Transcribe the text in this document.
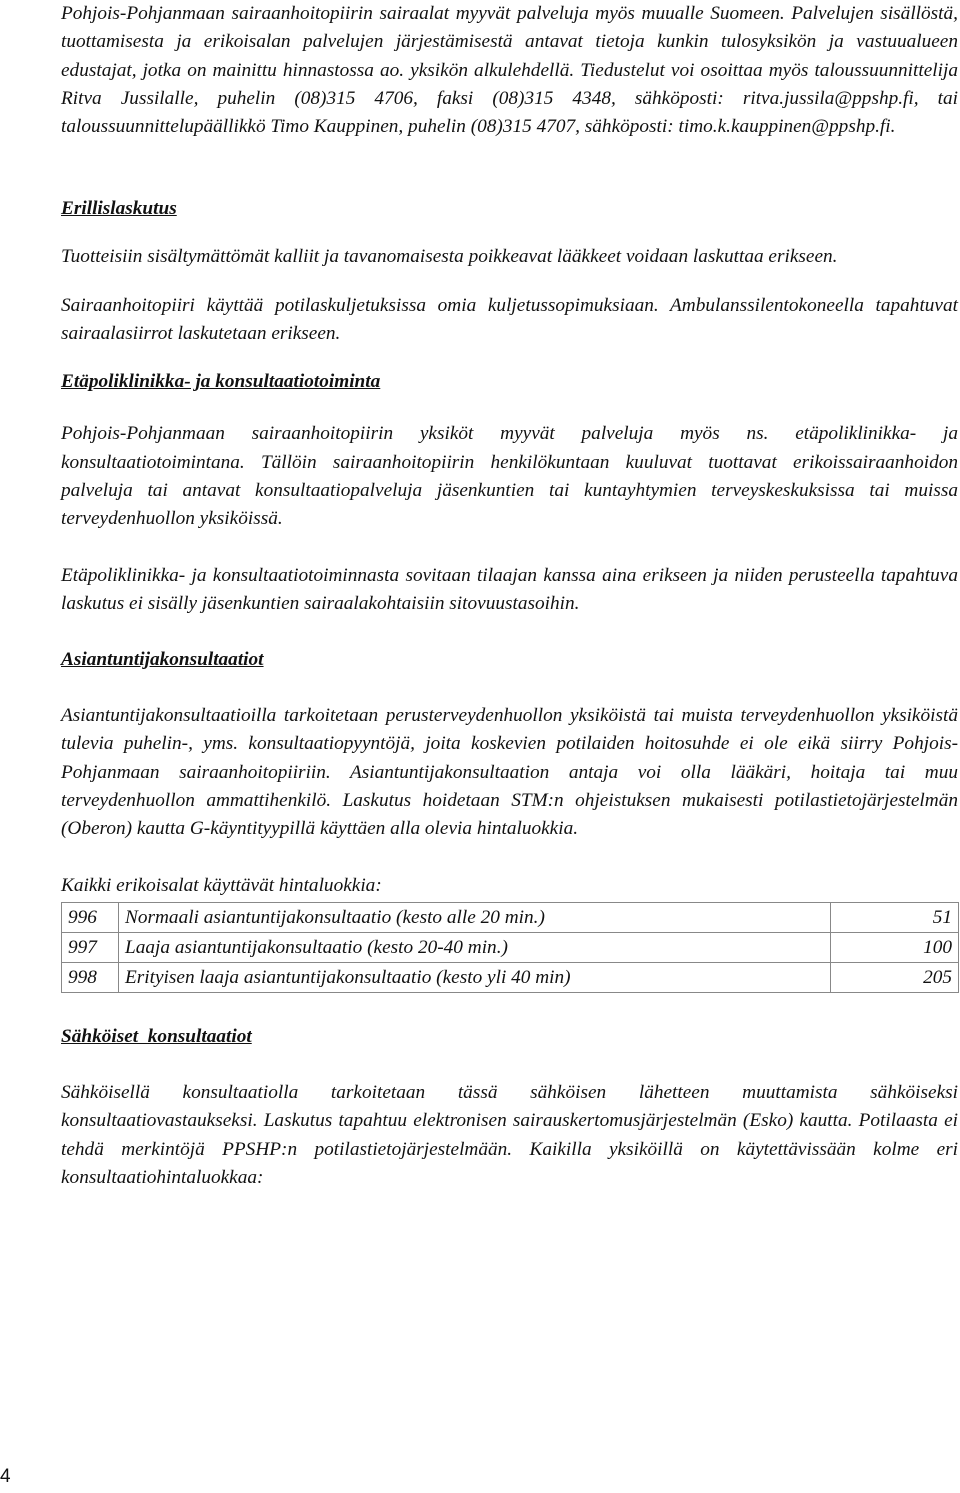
Pohjois-Pohjanmaan sairaanhoitopiirin sairaalat myyvät palveluja myös muualle Suomeen. Palvelujen sisällöstä, tuottamisesta ja erikoisalan palvelujen järjestämisestä antavat tietoja kunkin tulosyksikön ja vastuualueen edustajat, jotka on mainittu hinnastossa ao. yksikön alkulehdellä. Tiedustelut voi osoittaa myös taloussuunnittelija Ritva Jussilalle, puhelin (08)315 4706, faksi (08)315 4348, sähköposti: ritva.jussila@ppshp.fi, tai taloussuunnittelupäällikkö Timo Kauppinen, puhelin (08)315 4707, sähköposti: timo.k.kauppinen@ppshp.fi.

Erillislaskutus

Tuotteisiin sisältymättömät kalliit ja tavanomaisesta poikkeavat lääkkeet voidaan laskuttaa erikseen.

Sairaanhoitopiiri käyttää potilaskuljetuksissa omia kuljetussopimuksiaan. Ambulanssilentokoneella tapahtuvat sairaalasiirrot laskutetaan erikseen.

Etäpoliklinikka- ja konsultaatiotoiminta

Pohjois-Pohjanmaan sairaanhoitopiirin yksiköt myyvät palveluja myös ns. etäpoliklinikka- ja konsultaatiotoimintana. Tällöin sairaanhoitopiirin henkilökuntaan kuuluvat tuottavat erikoissairaanhoidon palveluja tai antavat konsultaatiopalveluja jäsenkuntien tai kuntayhtymien terveyskeskuksissa tai muissa terveydenhuollon yksiköissä.

Etäpoliklinikka- ja konsultaatiotoiminnasta sovitaan tilaajan kanssa aina erikseen ja niiden perusteella tapahtuva laskutus ei sisälly jäsenkuntien sairaalakohtaisiin sitovuustasoihin.

Asiantuntijakonsultaatiot

Asiantuntijakonsultaatioilla tarkoitetaan perusterveydenhuollon yksiköistä tai muista terveydenhuollon yksiköistä tulevia puhelin-, yms. konsultaatiopyyntöjä, joita koskevien potilaiden hoitosuhde ei ole eikä siirry Pohjois-Pohjanmaan sairaanhoitopiiriin. Asiantuntijakonsultaation antaja voi olla lääkäri, hoitaja tai muu terveydenhuollon ammattihenkilö. Laskutus hoidetaan STM:n ohjeistuksen mukaisesti potilastietojärjestelmän (Oberon) kautta G-käyntityypillä käyttäen alla olevia hintaluokkia.

Kaikki erikoisalat käyttävät hintaluokkia:

996	Normaali asiantuntijakonsultaatio (kesto alle 20 min.)	51
997	Laaja asiantuntijakonsultaatio (kesto 20-40 min.)	100
998	Erityisen laaja asiantuntijakonsultaatio (kesto yli 40 min)	205
Sähköiset  konsultaatiot

Sähköisellä konsultaatiolla tarkoitetaan tässä sähköisen lähetteen muuttamista sähköiseksi konsultaatiovastaukseksi. Laskutus tapahtuu elektronisen sairauskertomusjärjestelmän (Esko) kautta. Potilaasta ei tehdä merkintöjä PPSHP:n potilastietojärjestelmään. Kaikilla yksiköillä on käytettävissään kolme eri konsultaatiohintaluokkaa:

4
